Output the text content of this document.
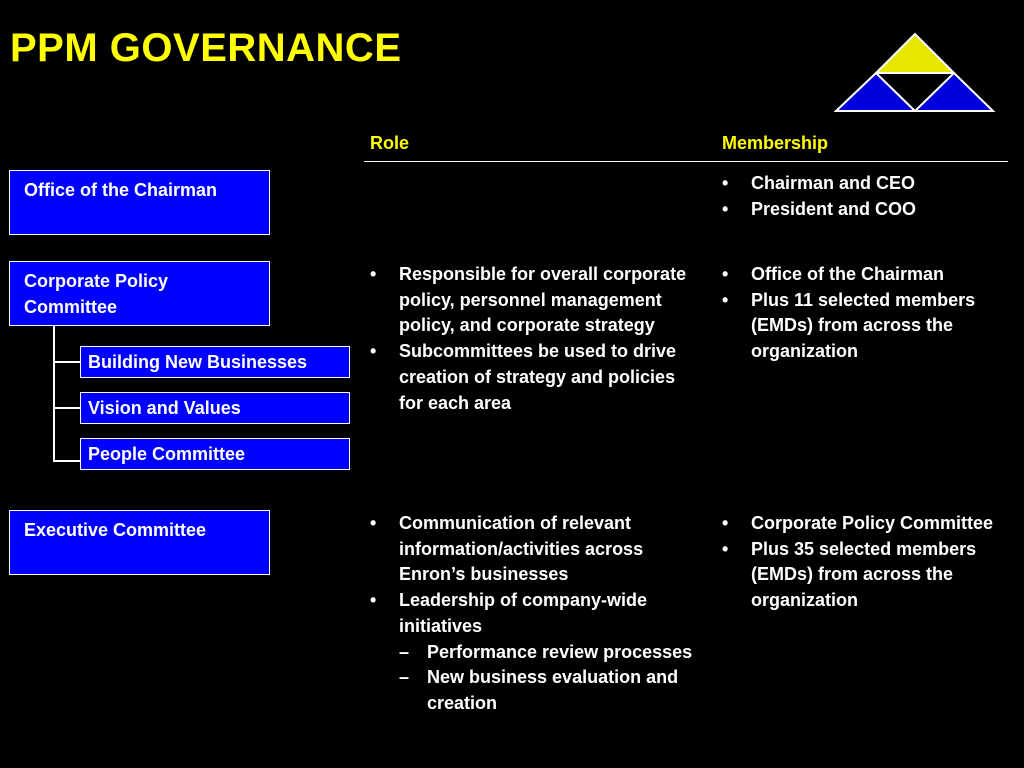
PPM GOVERNANCE
Role	Membership
Office of the Chairman
Corporate Policy Committee
Building New Businesses
Vision and Values
People Committee
Executive Committee
• Chairman and CEO
• President and COO
• Responsible for overall corporate policy, personnel management policy, and corporate strategy
• Subcommittees be used to drive creation of strategy and policies for each area
• Office of the Chairman
• Plus 11 selected members (EMDs) from across the organization
• Communication of relevant information/activities across Enron’s businesses
• Leadership of company-wide initiatives
– Performance review processes
– New business evaluation and creation
• Corporate Policy Committee
• Plus 35 selected members (EMDs) from across the organization
